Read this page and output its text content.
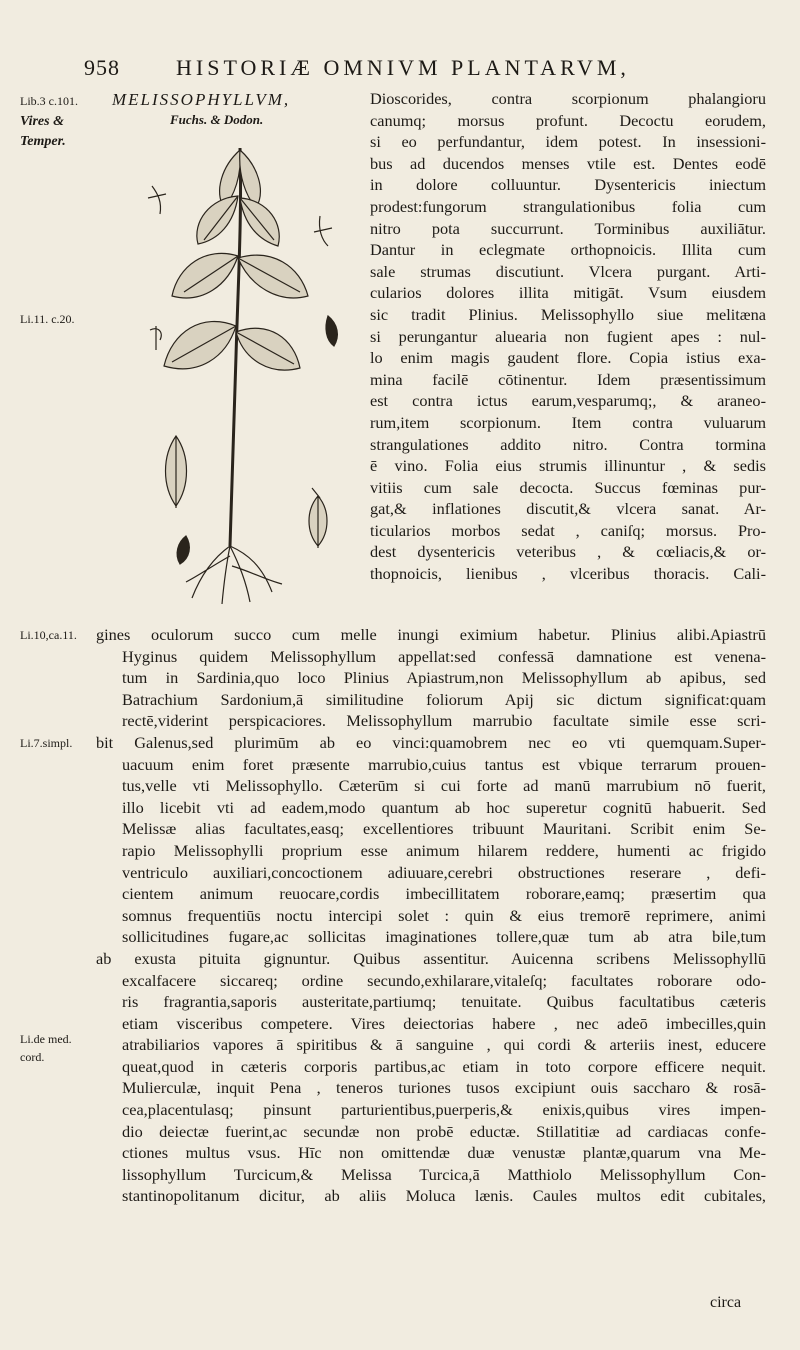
958	HISTORIÆ OMNIVM PLANTARVM,
Lib.3 c.101.
Vires &
Temper.
Li.11. c.20.
Li.10,ca.11.
Li.7.simpl.
Li.de med.
cord.
MELISSOPHYLLVM,
Fuchs. & Dodon.
Dioscorides, contra scorpionum phalangioru
canumq; morsus profunt. Decoctu eorudem,
si eo perfundantur, idem potest. In insessioni-
bus ad ducendos menses vtile est. Dentes eodē
in dolore colluuntur. Dysentericis iniectum
prodest:fungorum strangulationibus folia cum
nitro pota succurrunt. Torminibus auxiliātur.
Dantur in eclegmate orthopnoicis. Illita cum
sale strumas discutiunt. Vlcera purgant. Arti-
cularios dolores illita mitigāt. Vsum eiusdem
sic tradit Plinius. Melissophyllo siue melitæna
si perungantur aluearia non fugient apes : nul-
lo enim magis gaudent flore. Copia istius exa-
mina facilē cōtinentur. Idem præsentissimum
est contra ictus earum,vesparumq;, & araneo-
rum,item scorpionum. Item contra vuluarum
strangulationes addito nitro. Contra tormina
ē vino. Folia eius strumis illinuntur , & sedis
vitiis cum sale decocta. Succus fœminas pur-
gat,& inflationes discutit,& vlcera sanat. Ar-
ticularios morbos sedat , caniſq; morsus. Pro-
dest dysentericis veteribus , & cœliacis,& or-
thopnoicis, lienibus , vlceribus thoracis. Cali-
gines oculorum succo cum melle inungi eximium habetur. Plinius alibi.Apiastrū
Hyginus quidem Melissophyllum appellat:sed confessā damnatione est venena-
tum in Sardinia,quo loco Plinius Apiastrum,non Melissophyllum ab apibus, sed
Batrachium Sardonium,ā similitudine foliorum Apij sic dictum significat:quam
rectē,viderint perspicaciores. Melissophyllum marrubio facultate simile esse scri-
bit Galenus,sed plurimūm ab eo vinci:quamobrem nec eo vti quemquam.Super-
uacuum enim foret præsente marrubio,cuius tantus est vbique terrarum prouen-
tus,velle vti Melissophyllo. Cæterūm si cui forte ad manū marrubium nō fuerit,
illo licebit vti ad eadem,modo quantum ab hoc superetur cognitū habuerit. Sed
Melissæ alias facultates,easq; excellentiores tribuunt Mauritani. Scribit enim Se-
rapio Melissophylli proprium esse animum hilarem reddere, humenti ac frigido
ventriculo auxiliari,concoctionem adiuuare,cerebri obstructiones reserare , defi-
cientem animum reuocare,cordis imbecillitatem roborare,eamq; præsertim qua
somnus frequentiūs noctu intercipi solet : quin & eius tremorē reprimere, animi
sollicitudines fugare,ac sollicitas imaginationes tollere,quæ tum ab atra bile,tum
ab exusta pituita gignuntur. Quibus assentitur. Auicenna scribens Melissophyllū
excalfacere siccareq; ordine secundo,exhilarare,vitaleſq; facultates roborare odo-
ris fragrantia,saporis austeritate,partiumq; tenuitate. Quibus facultatibus cæteris
etiam visceribus competere. Vires deiectorias habere , nec adeō imbecilles,quin
atrabiliarios vapores ā spiritibus & ā sanguine , qui cordi & arteriis inest, educere
queat,quod in cæteris corporis partibus,ac etiam in toto corpore efficere nequit.
Mulierculæ, inquit Pena , teneros turiones tusos excipiunt ouis saccharo & rosā-
cea,placentulasq; pinsunt parturientibus,puerperis,& enixis,quibus vires impen-
dio deiectæ fuerint,ac secundæ non probē eductæ. Stillatitiæ ad cardiacas confe-
ctiones multus vsus. Hīc non omittendæ duæ venustæ plantæ,quarum vna Me-
lissophyllum Turcicum,& Melissa Turcica,ā Matthiolo Melissophyllum Con-
stantinopolitanum dicitur, ab aliis Moluca lænis. Caules multos edit cubitales,
circa
